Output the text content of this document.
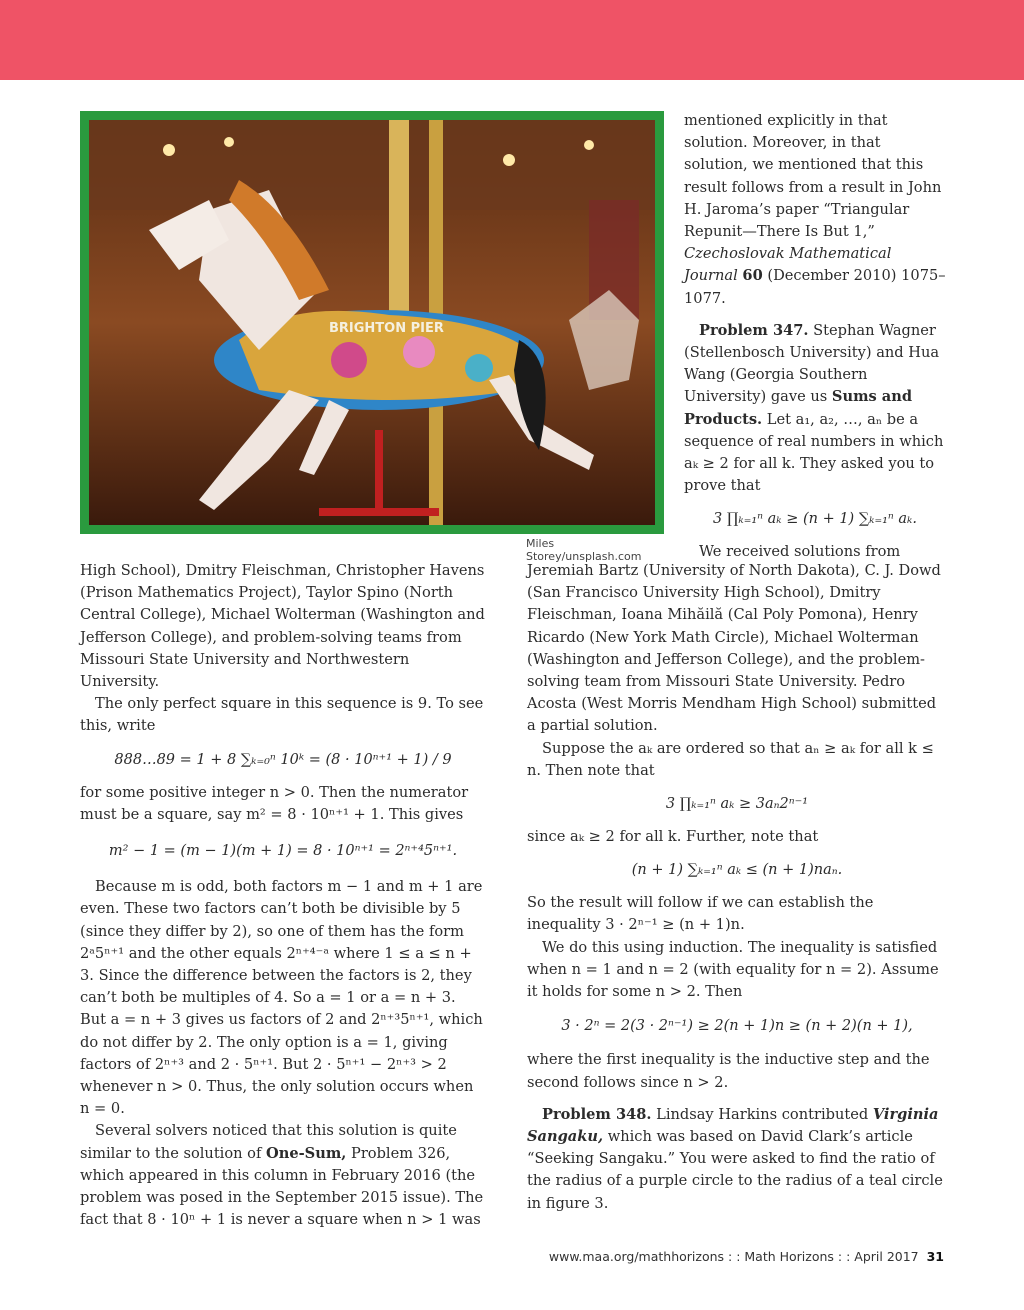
BRIGHTON PIER
Miles Storey/unsplash.com

mentioned explicitly in that solution. Moreover, in that solution, we mentioned that this result follows from a result in John H. Jaroma’s paper “Triangular Repunit—There Is But 1,” Czechoslovak Mathematical Journal 60 (December 2010) 1075–1077.

Problem 347. Stephan Wagner (Stellenbosch University) and Hua Wang (Georgia Southern University) gave us Sums and Products. Let a₁, a₂, …, aₙ be a sequence of real numbers in which aₖ ≥ 2 for all k. They asked you to prove that

3 ∏ₖ₌₁ⁿ aₖ ≥ (n + 1) ∑ₖ₌₁ⁿ aₖ.

We received solutions from

High School), Dmitry Fleischman, Christopher Havens (Prison Mathematics Project), Taylor Spino (North Central College), Michael Wolterman (Washington and Jefferson College), and problem-solving teams from Missouri State University and Northwestern University.

The only perfect square in this sequence is 9. To see this, write

888…89 = 1 + 8 ∑ₖ₌₀ⁿ 10ᵏ = (8 · 10ⁿ⁺¹ + 1) / 9

for some positive integer n > 0. Then the numerator must be a square, say m² = 8 · 10ⁿ⁺¹ + 1. This gives

m² − 1 = (m − 1)(m + 1) = 8 · 10ⁿ⁺¹ = 2ⁿ⁺⁴5ⁿ⁺¹.

Because m is odd, both factors m − 1 and m + 1 are even. These two factors can’t both be divisible by 5 (since they differ by 2), so one of them has the form 2ᵃ5ⁿ⁺¹ and the other equals 2ⁿ⁺⁴⁻ᵃ where 1 ≤ a ≤ n + 3. Since the difference between the factors is 2, they can’t both be multiples of 4. So a = 1 or a = n + 3. But a = n + 3 gives us factors of 2 and 2ⁿ⁺³5ⁿ⁺¹, which do not differ by 2. The only option is a = 1, giving factors of 2ⁿ⁺³ and 2 · 5ⁿ⁺¹. But 2 · 5ⁿ⁺¹ − 2ⁿ⁺³ > 2 whenever n > 0. Thus, the only solution occurs when n = 0.

Several solvers noticed that this solution is quite similar to the solution of One-Sum, Problem 326, which appeared in this column in February 2016 (the problem was posed in the September 2015 issue). The fact that 8 · 10ⁿ + 1 is never a square when n > 1 was

Jeremiah Bartz (University of North Dakota), C. J. Dowd (San Francisco University High School), Dmitry Fleischman, Ioana Mihăilă (Cal Poly Pomona), Henry Ricardo (New York Math Circle), Michael Wolterman (Washington and Jefferson College), and the problem-solving team from Missouri State University. Pedro Acosta (West Morris Mendham High School) submitted a partial solution.

Suppose the aₖ are ordered so that aₙ ≥ aₖ for all k ≤ n. Then note that

3 ∏ₖ₌₁ⁿ aₖ ≥ 3aₙ2ⁿ⁻¹

since aₖ ≥ 2 for all k. Further, note that

(n + 1) ∑ₖ₌₁ⁿ aₖ ≤ (n + 1)naₙ.

So the result will follow if we can establish the inequality 3 · 2ⁿ⁻¹ ≥ (n + 1)n.

We do this using induction. The inequality is satisfied when n = 1 and n = 2 (with equality for n = 2). Assume it holds for some n > 2. Then

3 · 2ⁿ = 2(3 · 2ⁿ⁻¹) ≥ 2(n + 1)n ≥ (n + 2)(n + 1),

where the first inequality is the inductive step and the second follows since n > 2.

Problem 348. Lindsay Harkins contributed Virginia Sangaku, which was based on David Clark’s article “Seeking Sangaku.” You were asked to find the ratio of the radius of a purple circle to the radius of a teal circle in figure 3.

www.maa.org/mathhorizons : : Math Horizons : : April 2017 31
